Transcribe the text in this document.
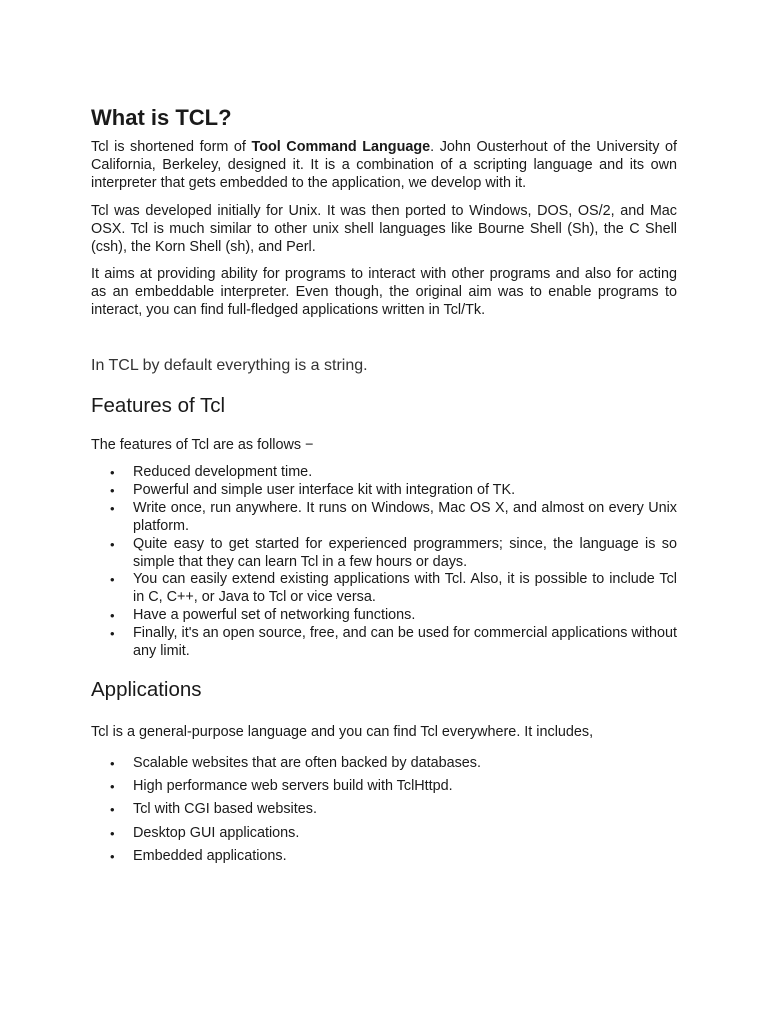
What is TCL?

Tcl is shortened form of Tool Command Language. John Ousterhout of the University of California, Berkeley, designed it. It is a combination of a scripting language and its own interpreter that gets embedded to the application, we develop with it.

Tcl was developed initially for Unix. It was then ported to Windows, DOS, OS/2, and Mac OSX. Tcl is much similar to other unix shell languages like Bourne Shell (Sh), the C Shell (csh), the Korn Shell (sh), and Perl.

It aims at providing ability for programs to interact with other programs and also for acting as an embeddable interpreter. Even though, the original aim was to enable programs to interact, you can find full-fledged applications written in Tcl/Tk.

In TCL by default everything is a string.

Features of Tcl

The features of Tcl are as follows −

• Reduced development time.
• Powerful and simple user interface kit with integration of TK.
• Write once, run anywhere. It runs on Windows, Mac OS X, and almost on every Unix platform.
• Quite easy to get started for experienced programmers; since, the language is so simple that they can learn Tcl in a few hours or days.
• You can easily extend existing applications with Tcl. Also, it is possible to include Tcl in C, C++, or Java to Tcl or vice versa.
• Have a powerful set of networking functions.
• Finally, it's an open source, free, and can be used for commercial applications without any limit.
Applications

Tcl is a general-purpose language and you can find Tcl everywhere. It includes,

• Scalable websites that are often backed by databases.
• High performance web servers build with TclHttpd.
• Tcl with CGI based websites.
• Desktop GUI applications.
• Embedded applications.
